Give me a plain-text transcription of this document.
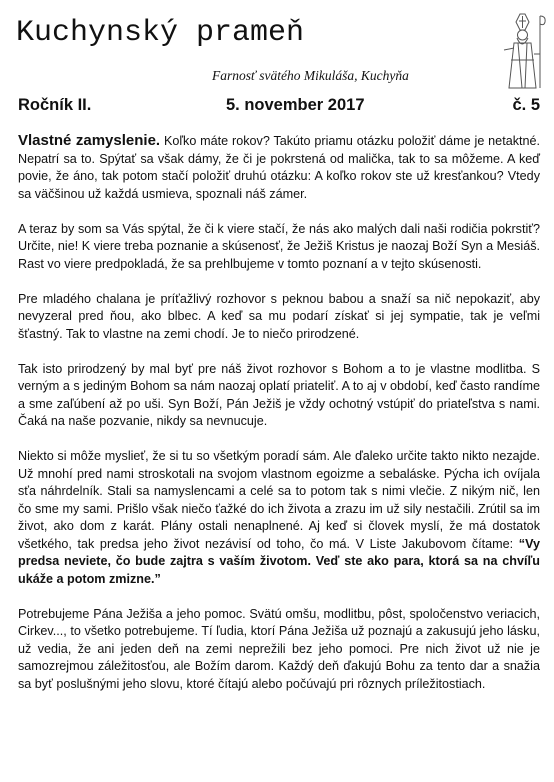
Kuchynský prameň
Farnosť svätého Mikuláša, Kuchyňa
Ročník II.	5. november 2017	č. 5

Vlastné zamyslenie. Koľko máte rokov? Takúto priamu otázku položiť dáme je netaktné. Nepatrí sa to. Spýtať sa však dámy, že či je pokrstená od malička, tak to sa môžeme. A keď povie, že áno, tak potom stačí položiť druhú otázku: A koľko rokov ste už kresťankou? Vtedy sa väčšinou už každá usmieva, spoznali náš zámer.

A teraz by som sa Vás spýtal, že či k viere stačí, že nás ako malých dali naši rodičia pokrstiť? Určite, nie! K viere treba poznanie a skúsenosť, že Ježiš Kristus je naozaj Boží Syn a Mesiáš. Rast vo viere predpokladá, že sa prehlbujeme v tomto poznaní a v tejto skúsenosti.

Pre mladého chalana je príťažlivý rozhovor s peknou babou a snaží sa nič nepokaziť, aby nevyzeral pred ňou, ako blbec. A keď sa mu podarí získať si jej sympatie, tak je veľmi šťastný. Tak to vlastne na zemi chodí. Je to niečo prirodzené.

Tak isto prirodzený by mal byť pre náš život rozhovor s Bohom a to je vlastne modlitba. S verným a s jediným Bohom sa nám naozaj oplatí priateliť. A to aj v období, keď často randíme a sme zaľúbení až po uši. Syn Boží, Pán Ježiš je vždy ochotný vstúpiť do priateľstva s nami. Čaká na naše pozvanie, nikdy sa nevnucuje.

Niekto si môže myslieť, že si tu so všetkým poradí sám. Ale ďaleko určite takto nikto nezajde. Už mnohí pred nami stroskotali na svojom vlastnom egoizme a sebaláske. Pýcha ich ovíjala sťa náhrdelník. Stali sa namyslencami a celé sa to potom tak s nimi vlečie. Z nikým nič, len čo sme my sami. Prišlo však niečo ťažké do ich života a zrazu im už sily nestačili. Zrútil sa im život, ako dom z karát. Plány ostali nenaplnené. Aj keď si človek myslí, že má dostatok všetkého, tak predsa jeho život nezávisí od toho, čo má. V Liste Jakubovom čítame: “Vy predsa neviete, čo bude zajtra s vaším životom. Veď ste ako para, ktorá sa na chvíľu ukáže a potom zmizne.”

Potrebujeme Pána Ježiša a jeho pomoc. Svätú omšu, modlitbu, pôst, spoločenstvo veriacich, Cirkev..., to všetko potrebujeme. Tí ľudia, ktorí Pána Ježiša už poznajú a zakusujú jeho lásku, už vedia, že ani jeden deň na zemi neprežili bez jeho pomoci. Pre nich život už nie je samozrejmou záležitosťou, ale Božím darom. Každý deň ďakujú Bohu za tento dar a snažia sa byť poslušnými jeho slovu, ktoré čítajú alebo počúvajú pri rôznych príležitostiach.
